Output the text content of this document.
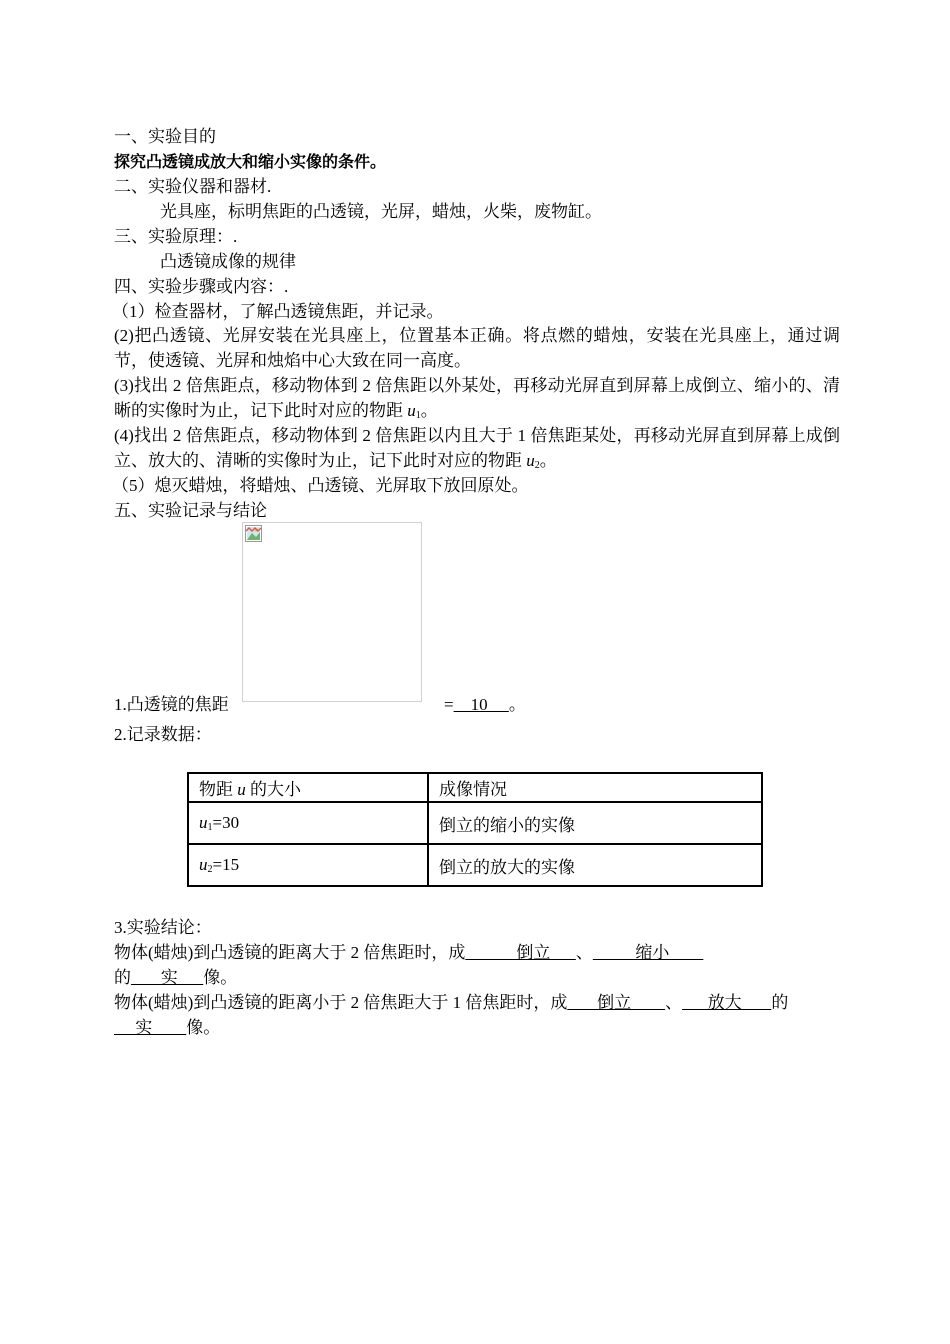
一、实验目的
探究凸透镜成放大和缩小实像的条件。
二、实验仪器和器材.
光具座，标明焦距的凸透镜，光屏，蜡烛，火柴，废物缸。
三、实验原理：.
凸透镜成像的规律
四、实验步骤或内容：.
（1）检查器材，了解凸透镜焦距，并记录。
(2)把凸透镜、光屏安装在光具座上，位置基本正确。将点燃的蜡烛，安装在光具座上，通过调节，使透镜、光屏和烛焰中心大致在同一高度。
(3)找出 2 倍焦距点，移动物体到 2 倍焦距以外某处，再移动光屏直到屏幕上成倒立、缩小的、清晰的实像时为止，记下此时对应的物距 $u_1$。
(4)找出 2 倍焦距点，移动物体到 2 倍焦距以内且大于 1 倍焦距某处，再移动光屏直到屏幕上成倒立、放大的、清晰的实像时为止，记下此时对应的物距 $u_2$。
（5）熄灭蜡烛，将蜡烛、凸透镜、光屏取下放回原处。
五、实验记录与结论
1.凸透镜的焦距	=    10     。
2.记录数据：
物距 u 的大小	成像情况
$u_1=30$	倒立的缩小的实像
$u_2=15$	倒立的放大的实像
3.实验结论：
物体(蜡烛)到凸透镜的距离大于 2 倍焦距时，成            倒立      、          缩小
的       实      像。
物体(蜡烛)到凸透镜的距离小于 2 倍焦距大于 1 倍焦距时，成       倒立        、      放大       的     实        像。
